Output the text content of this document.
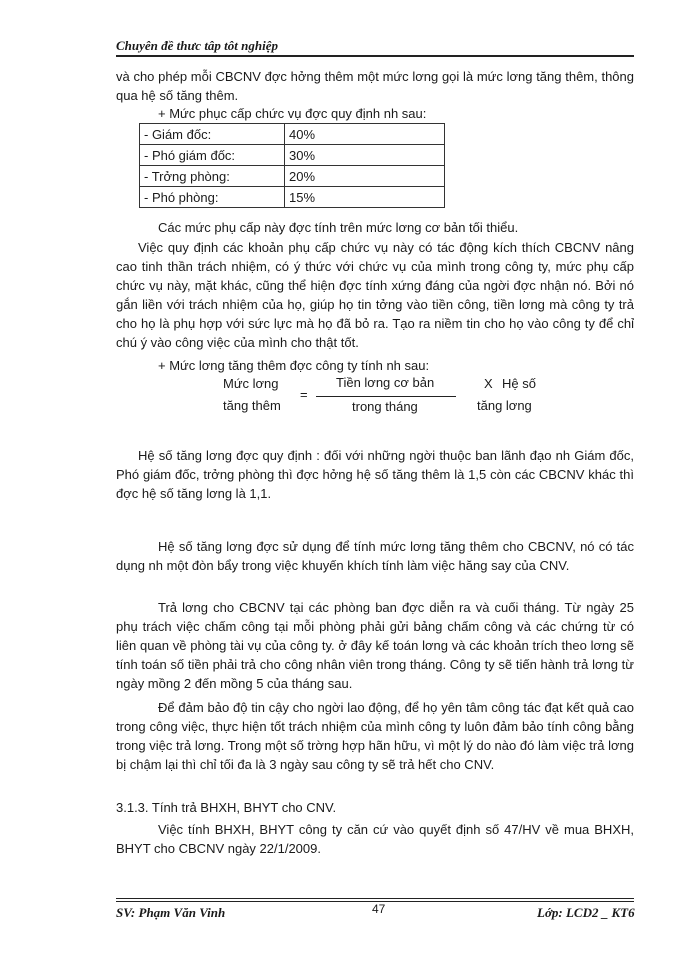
Chuyên đề thưc tâp tôt nghiệp

và cho phép mỗi CBCNV đợc hởng thêm một mức lơng gọi là mức lơng tăng thêm, thông qua hệ số tăng thêm.

+ Mức phục cấp chức vụ đợc quy định nh sau:

- Giám đốc:	40%
- Phó giám đốc:	30%
- Trởng phòng:	20%
- Phó phòng:	15%

Các mức phụ cấp này đợc tính trên mức lơng cơ bản tối thiểu.

Việc quy định các khoản phụ cấp chức vụ này có tác động kích thích CBCNV nâng cao tinh thần trách nhiệm, có ý thức với chức vụ của mình trong công ty, mức phụ cấp chức vụ này, mặt khác, cũng thể hiện đợc tính xứng đáng của ngời đợc nhận nó. Bởi nó gắn liền với trách nhiệm của họ, giúp họ tin tởng vào tiền công, tiền lơng mà công ty trả cho họ là phụ hợp với sức lực mà họ đã bỏ ra. Tạo ra niềm tin cho họ vào công ty để chỉ chú ý vào công việc của mình cho thật tốt.

+ Mức lơng tăng thêm đợc công ty tính nh sau:

Mức lơng
tăng thêm
=
Tiền lơng cơ bản
trong tháng
X Hệ số
tăng lơng

Hệ số tăng lơng đợc quy định : đối với những ngời thuộc ban lãnh đạo nh Giám đốc, Phó giám đốc, trởng phòng thì đợc hởng hệ số tăng thêm là 1,5 còn các CBCNV khác thì đợc hệ số tăng lơng là 1,1.

Hệ số tăng lơng đợc sử dụng để tính mức lơng tăng thêm cho CBCNV, nó có tác dụng nh một đòn bẩy trong việc khuyến khích tính làm việc hăng say của CNV.

Trả lơng cho CBCNV tại các phòng ban đợc diễn ra và cuối tháng. Từ ngày 25 phụ trách việc chấm công tại mỗi phòng phải gửi bảng chấm công và các chứng từ có liên quan về phòng tài vụ của công ty. ở đây kế toán lơng và các khoản trích theo lơng sẽ tính toán số tiền phải trả cho công nhân viên trong tháng. Công ty sẽ tiến hành trả lơng từ ngày mồng 2 đến mồng 5 của tháng sau.

Để đảm bảo độ tin cậy cho ngời lao động, để họ yên tâm công tác đạt kết quả cao trong công việc, thực hiện tốt trách nhiệm của mình công ty luôn đảm bảo tính công bằng trong việc trả lơng. Trong một số trờng hợp hãn hữu, vì một lý do nào đó làm việc trả lơng bị chậm lại thì chỉ tối đa là 3 ngày sau công ty sẽ trả hết cho CNV.

3.1.3. Tính trả BHXH, BHYT cho CNV.

Việc tính BHXH, BHYT công ty căn cứ vào quyết định số 47/HV về mua BHXH, BHYT cho CBCNV ngày 22/1/2009.

SV: Phạm Văn Vinh	47	Lớp: LCD2 _ KT6
